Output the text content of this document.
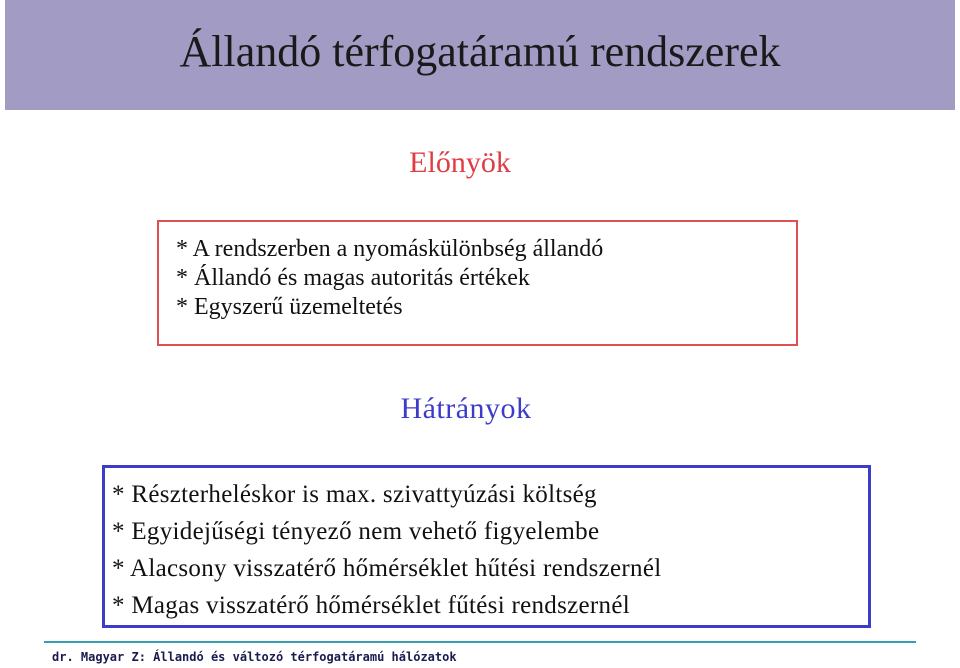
Állandó térfogatáramú rendszerek
Előnyök
* A rendszerben a nyomáskülönbség állandó
* Állandó és magas autoritás értékek
* Egyszerű üzemeltetés
Hátrányok
* Részterheléskor is max. szivattyúzási költség
* Egyidejűségi tényező nem vehető figyelembe
* Alacsony visszatérő hőmérséklet hűtési rendszernél
* Magas visszatérő hőmérséklet fűtési rendszernél
dr. Magyar Z: Állandó és változó térfogatáramú hálózatok
